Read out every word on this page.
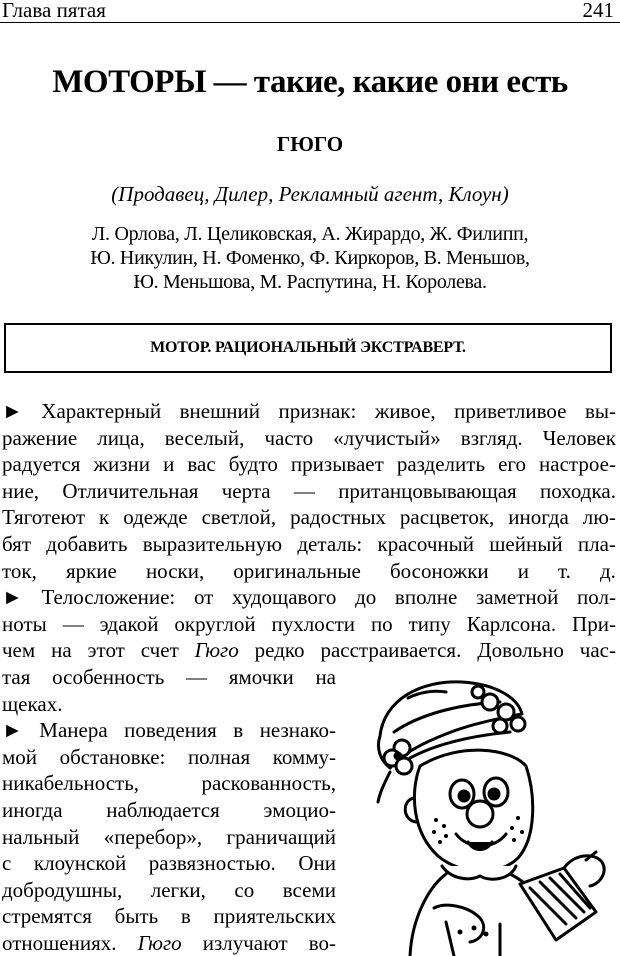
Глава пятая	241
МОТОРЫ — такие, какие они есть
ГЮГО
(Продавец, Дилер, Рекламный агент, Клоун)
Л. Орлова, Л. Целиковская, А. Жирардо, Ж. Филипп,
Ю. Никулин, Н. Фоменко, Ф. Киркоров, В. Меньшов,
Ю. Меньшова, М. Распутина, Н. Королева.
МОТОР. РАЦИОНАЛЬНЫЙ ЭКСТРАВЕРТ.
► Характерный внешний признак: живое, приветливое вы-
ражение лица, веселый, часто «лучистый» взгляд. Человек
радуется жизни и вас будто призывает разделить его настрое-
ние, Отличительная черта — пританцовывающая походка.
Тяготеют к одежде светлой, радостных расцветок, иногда лю-
бят добавить выразительную деталь: красочный шейный пла-
ток, яркие носки, оригинальные босоножки и т. д.
► Телосложение: от худощавого до вполне заметной пол-
ноты — эдакой округлой пухлости по типу Карлсона. При-
чем на этот счет Гюго редко расстраивается. Довольно час-
тая особенность — ямочки на
щеках.
► Манера поведения в незнако-
мой обстановке: полная комму-
никабельность,	раскованность,
иногда наблюдается эмоцио-
нальный «перебор», граничащий
с клоунской развязностью. Они
добродушны, легки, со всеми
стремятся быть в приятельских
отношениях. Гюго излучают во-
